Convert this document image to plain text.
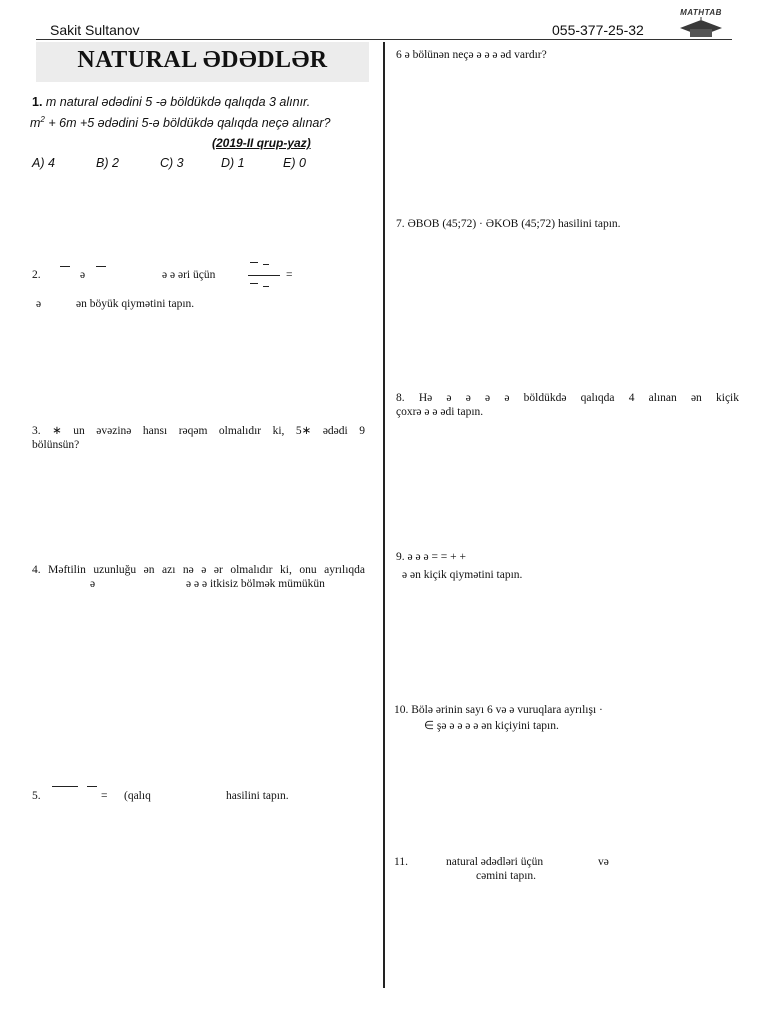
Sakit Sultanov	055-377-25-32
MATHTAB
NATURAL ƏDƏDLƏR
1. m natural ədədini 5 -ə böldükdə qalıqda 3 alınır.
$m^2 + 6m +5$ ədədini 5-ə böldükdə qalıqda neçə alınar?
(2019-II qrup-yaz)
A) 4	B) 2	C) 3	D) 1	E) 0
2.	ə	ə ə əri üçün	=
ə	ən böyük qiymətini tapın.
3. ∗ un əvəzinə hansı rəqəm olmalıdır ki, 5∗ ədədi 9
bölünsün?
4. Məftilin uzunluğu ən azı nə ə ər olmalıdır ki, onu ayrılıqda
ə	ə ə ə itkisiz bölmək mümükün
5.	= (qalıq	hasilini tapın.
6 ə bölünən neçə ə ə ə əd vardır?
7. ƏBOB (45;72) · ƏKOB (45;72) hasilini tapın.
8. Hə ə ə ə ə böldükdə qalıqda 4 alınan ən kiçik
çoxrə ə ə ədi tapın.
9. ə ə ə = = + +
ə ən kiçik qiymətini tapın.
10. Bölə ərinin sayı 6 və ə vuruqlara ayrılışı ·
∈ şə ə ə ə ə ən kiçiyini tapın.
11.	natural ədədləri üçün	və
cəmini tapın.
